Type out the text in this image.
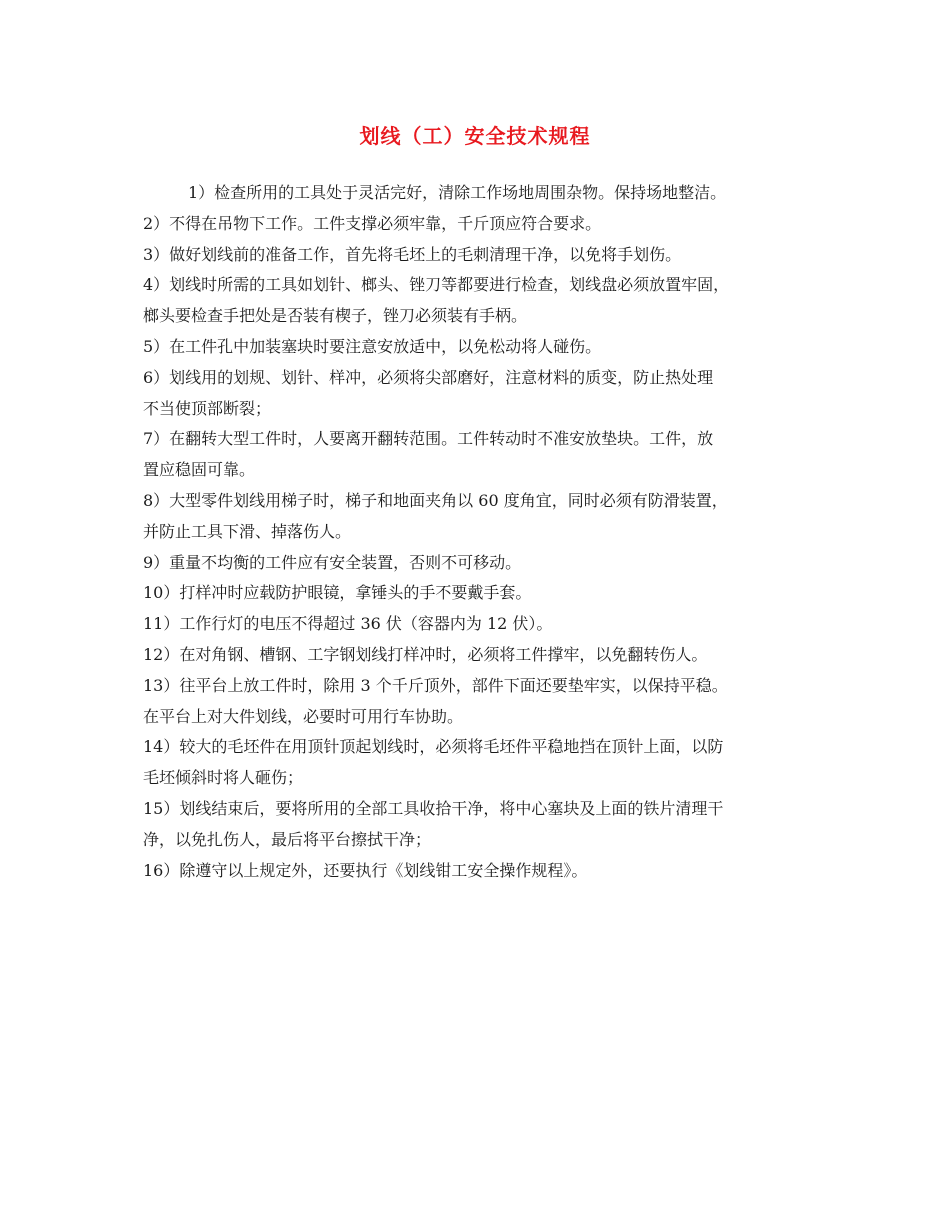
划线（工）安全技术规程
1）检查所用的工具处于灵活完好，清除工作场地周围杂物。保持场地整洁。
2）不得在吊物下工作。工件支撑必须牢靠，千斤顶应符合要求。
3）做好划线前的准备工作，首先将毛坯上的毛刺清理干净，以免将手划伤。
4）划线时所需的工具如划针、榔头、锉刀等都要进行检查，划线盘必须放置牢固，
榔头要检查手把处是否装有楔子，锉刀必须装有手柄。
5）在工件孔中加装塞块时要注意安放适中，以免松动将人碰伤。
6）划线用的划规、划针、样冲，必须将尖部磨好，注意材料的质变，防止热处理
不当使顶部断裂；
7）在翻转大型工件时，人要离开翻转范围。工件转动时不准安放垫块。工件，放
置应稳固可靠。
8）大型零件划线用梯子时，梯子和地面夹角以 60 度角宜，同时必须有防滑装置，
并防止工具下滑、掉落伤人。
9）重量不均衡的工件应有安全装置，否则不可移动。
10）打样冲时应载防护眼镜，拿锤头的手不要戴手套。
11）工作行灯的电压不得超过 36 伏（容器内为 12 伏）。
12）在对角钢、槽钢、工字钢划线打样冲时，必须将工件撑牢，以免翻转伤人。
13）往平台上放工件时，除用 3 个千斤顶外，部件下面还要垫牢实，以保持平稳。
在平台上对大件划线，必要时可用行车协助。
14）较大的毛坯件在用顶针顶起划线时，必须将毛坯件平稳地挡在顶针上面，以防
毛坯倾斜时将人砸伤；
15）划线结束后，要将所用的全部工具收拾干净，将中心塞块及上面的铁片清理干
净，以免扎伤人，最后将平台擦拭干净；
16）除遵守以上规定外，还要执行《划线钳工安全操作规程》。
